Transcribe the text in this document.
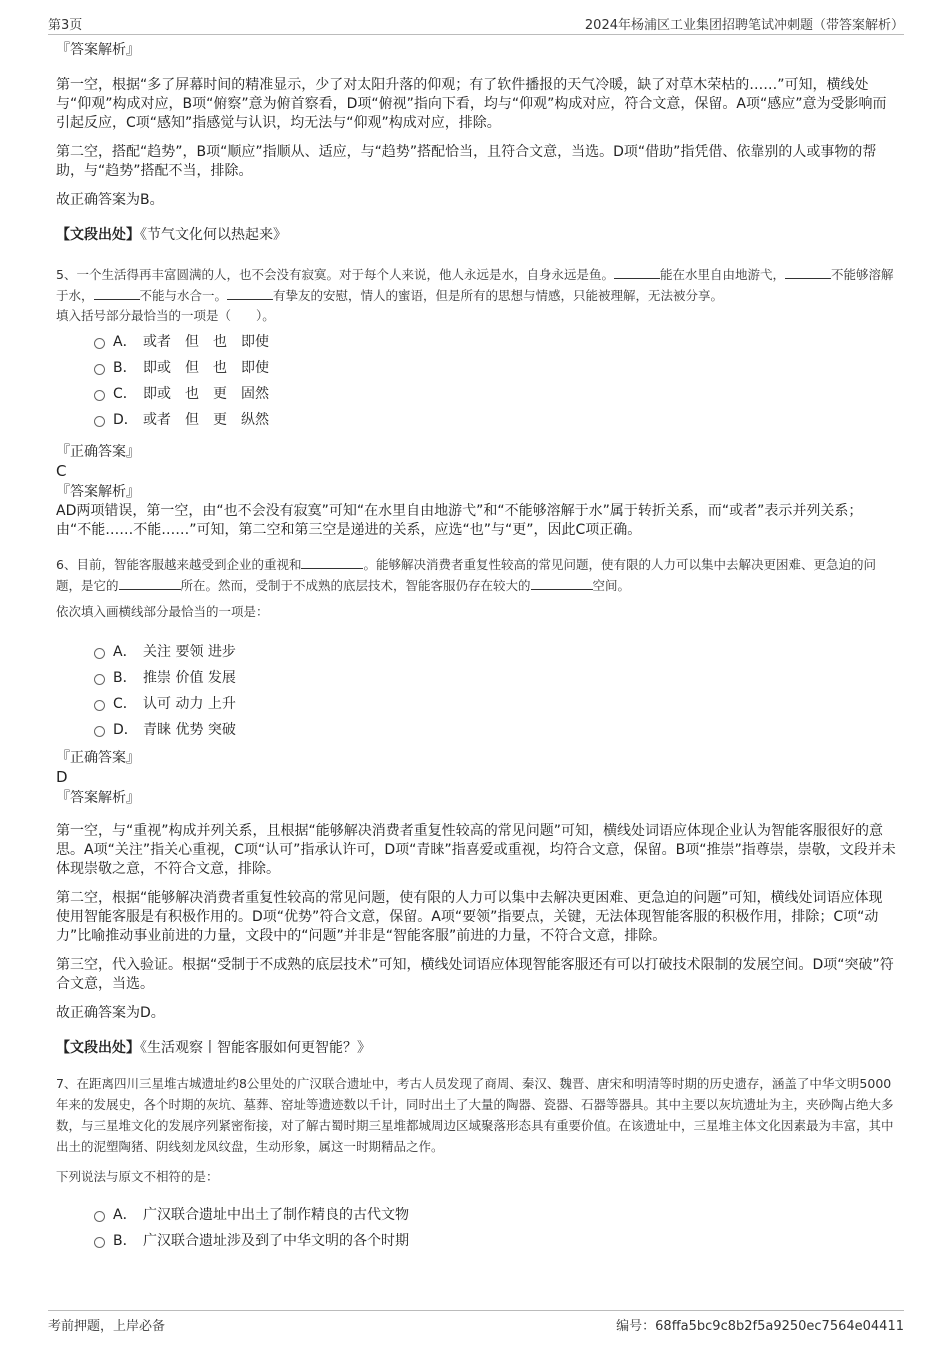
第3页	2024年杨浦区工业集团招聘笔试冲刺题（带答案解析）

『答案解析』

第一空，根据“多了屏幕时间的精准显示，少了对太阳升落的仰观；有了软件播报的天气冷暖，缺了对草木荣枯的……”可知，横线处与“仰观”构成对应，B项“俯察”意为俯首察看，D项“俯视”指向下看，均与“仰观”构成对应，符合文意，保留。A项“感应”意为受影响而引起反应，C项“感知”指感觉与认识，均无法与“仰观”构成对应，排除。

第二空，搭配“趋势”，B项“顺应”指顺从、适应，与“趋势”搭配恰当，且符合文意，当选。D项“借助”指凭借、依靠别的人或事物的帮助，与“趋势”搭配不当，排除。

故正确答案为B。

【文段出处】《节气文化何以热起来》

5、一个生活得再丰富圆满的人，也不会没有寂寞。对于每个人来说，他人永远是水，自身永远是鱼。	能在水里自由地游弋，	不能够溶解于水，	不能与水合一。	有挚友的安慰，情人的蜜语，但是所有的思想与情感，只能被理解，无法被分享。

填入括号部分最恰当的一项是（　　）。

A． 或者　但　也　即使
B． 即或　但　也　即使
C． 即或　也　更　固然
D． 或者　但　更　纵然

『正确答案』

C

『答案解析』

AD两项错误，第一空，由“也不会没有寂寞”可知“在水里自由地游弋”和“不能够溶解于水”属于转折关系，而“或者”表示并列关系；由“不能……不能……”可知，第二空和第三空是递进的关系，应选“也”与“更”，因此C项正确。

6、目前，智能客服越来越受到企业的重视和	。能够解决消费者重复性较高的常见问题，使有限的人力可以集中去解决更困难、更急迫的问题，是它的	所在。然而，受制于不成熟的底层技术，智能客服仍存在较大的	空间。

依次填入画横线部分最恰当的一项是：

A． 关注 要领 进步
B． 推崇 价值 发展
C． 认可 动力 上升
D． 青睐 优势 突破

『正确答案』

D

『答案解析』

第一空，与“重视”构成并列关系，且根据“能够解决消费者重复性较高的常见问题”可知，横线处词语应体现企业认为智能客服很好的意思。A项“关注”指关心重视，C项“认可”指承认许可，D项“青睐”指喜爱或重视，均符合文意，保留。B项“推崇”指尊崇，崇敬，文段并未体现崇敬之意，不符合文意，排除。

第二空，根据“能够解决消费者重复性较高的常见问题，使有限的人力可以集中去解决更困难、更急迫的问题”可知，横线处词语应体现使用智能客服是有积极作用的。D项“优势”符合文意，保留。A项“要领”指要点，关键，无法体现智能客服的积极作用，排除；C项“动力”比喻推动事业前进的力量，文段中的“问题”并非是“智能客服”前进的力量，不符合文意，排除。

第三空，代入验证。根据“受制于不成熟的底层技术”可知，横线处词语应体现智能客服还有可以打破技术限制的发展空间。D项“突破”符合文意，当选。

故正确答案为D。

【文段出处】《生活观察丨智能客服如何更智能？》

7、在距离四川三星堆古城遗址约8公里处的广汉联合遗址中，考古人员发现了商周、秦汉、魏晋、唐宋和明清等时期的历史遗存，涵盖了中华文明5000年来的发展史，各个时期的灰坑、墓葬、窑址等遗迹数以千计，同时出土了大量的陶器、瓷器、石器等器具。其中主要以灰坑遗址为主，夹砂陶占绝大多数，与三星堆文化的发展序列紧密衔接，对了解古蜀时期三星堆都城周边区域聚落形态具有重要价值。在该遗址中，三星堆主体文化因素最为丰富，其中出土的泥塑陶猪、阴线刻龙凤纹盘，生动形象，属这一时期精品之作。

下列说法与原文不相符的是：

A． 广汉联合遗址中出土了制作精良的古代文物
B． 广汉联合遗址涉及到了中华文明的各个时期
考前押题，上岸必备	编号：68ffa5bc9c8b2f5a9250ec7564e04411
